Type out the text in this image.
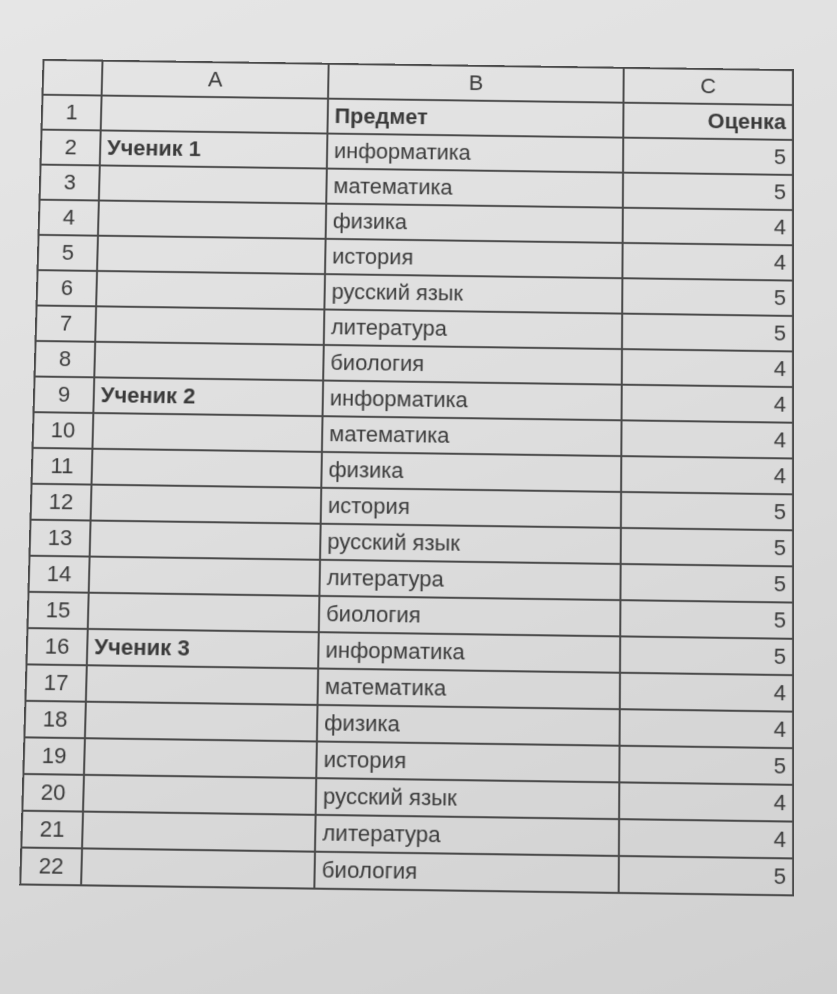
	A	B	C
1		Предмет	Оценка
2	Ученик 1	информатика	5
3		математика	5
4		физика	4
5		история	4
6		русский язык	5
7		литература	5
8		биология	4
9	Ученик 2	информатика	4
10		математика	4
11		физика	4
12		история	5
13		русский язык	5
14		литература	5
15		биология	5
16	Ученик 3	информатика	5
17		математика	4
18		физика	4
19		история	5
20		русский язык	4
21		литература	4
22		биология	5
